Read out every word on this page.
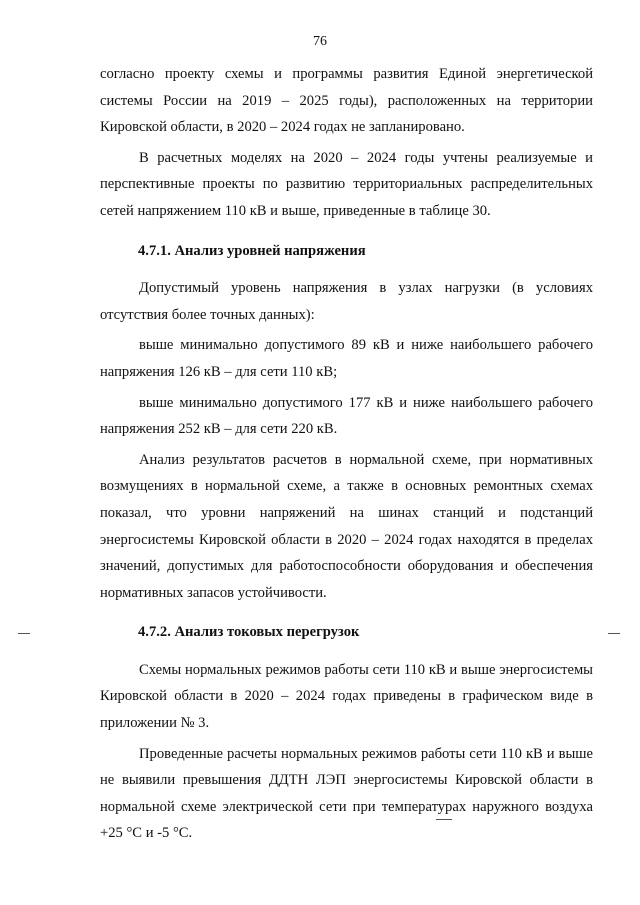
76

согласно проекту схемы и программы развития Единой энергетической системы России на 2019 – 2025 годы), расположенных на территории Кировской области, в 2020 – 2024 годах не запланировано.

В расчетных моделях на 2020 – 2024 годы учтены реализуемые и перспективные проекты по развитию территориальных распределительных сетей напряжением 110 кВ и выше, приведенные в таблице 30.

4.7.1. Анализ уровней напряжения

Допустимый уровень напряжения в узлах нагрузки (в условиях отсутствия более точных данных):

выше минимально допустимого 89 кВ и ниже наибольшего рабочего напряжения 126 кВ – для сети 110 кВ;

выше минимально допустимого 177 кВ и ниже наибольшего рабочего напряжения 252 кВ – для сети 220 кВ.

Анализ результатов расчетов в нормальной схеме, при нормативных возмущениях в нормальной схеме, а также в основных ремонтных схемах показал, что уровни напряжений на шинах станций и подстанций энергосистемы Кировской области в 2020 – 2024 годах находятся в пределах значений, допустимых для работоспособности оборудования и обеспечения нормативных запасов устойчивости.

4.7.2. Анализ токовых перегрузок

Схемы нормальных режимов работы сети 110 кВ и выше энергосистемы Кировской области в 2020 – 2024 годах приведены в графическом виде в приложении № 3.

Проведенные расчеты нормальных режимов работы сети 110 кВ и выше не выявили превышения ДДТН ЛЭП энергосистемы Кировской области в нормальной схеме электрической сети при температурах наружного воздуха +25 °С и -5 °С.
